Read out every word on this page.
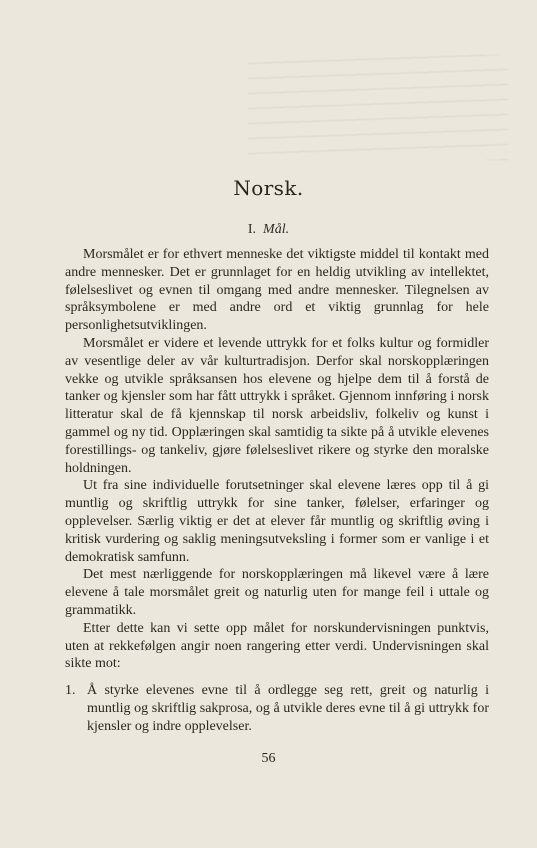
Norsk.
I. Mål.

Morsmålet er for ethvert menneske det viktigste middel til kontakt med andre mennesker. Det er grunnlaget for en heldig utvikling av intellektet, følelseslivet og evnen til omgang med andre mennesker. Tilegnelsen av språksymbolene er med andre ord et viktig grunnlag for hele personlighetsutviklingen.

Morsmålet er videre et levende uttrykk for et folks kultur og formidler av vesentlige deler av vår kulturtradisjon. Derfor skal norskopplæringen vekke og utvikle språksansen hos elevene og hjelpe dem til å forstå de tanker og kjensler som har fått uttrykk i språket. Gjennom innføring i norsk litteratur skal de få kjennskap til norsk arbeidsliv, folkeliv og kunst i gammel og ny tid. Opplæringen skal samtidig ta sikte på å utvikle elevenes forestillings- og tankeliv, gjøre følelseslivet rikere og styrke den moralske holdningen.

Ut fra sine individuelle forutsetninger skal elevene læres opp til å gi muntlig og skriftlig uttrykk for sine tanker, følelser, erfaringer og opplevelser. Særlig viktig er det at elever får muntlig og skriftlig øving i kritisk vurdering og saklig meningsutveksling i former som er vanlige i et demokratisk samfunn.

Det mest nærliggende for norskopplæringen må likevel være å lære elevene å tale morsmålet greit og naturlig uten for mange feil i uttale og grammatikk.

Etter dette kan vi sette opp målet for norskundervisningen punktvis, uten at rekkefølgen angir noen rangering etter verdi. Undervisningen skal sikte mot:

1. Å styrke elevenes evne til å ordlegge seg rett, greit og naturlig i muntlig og skriftlig sakprosa, og å utvikle deres evne til å gi uttrykk for kjensler og indre opplevelser.
56
